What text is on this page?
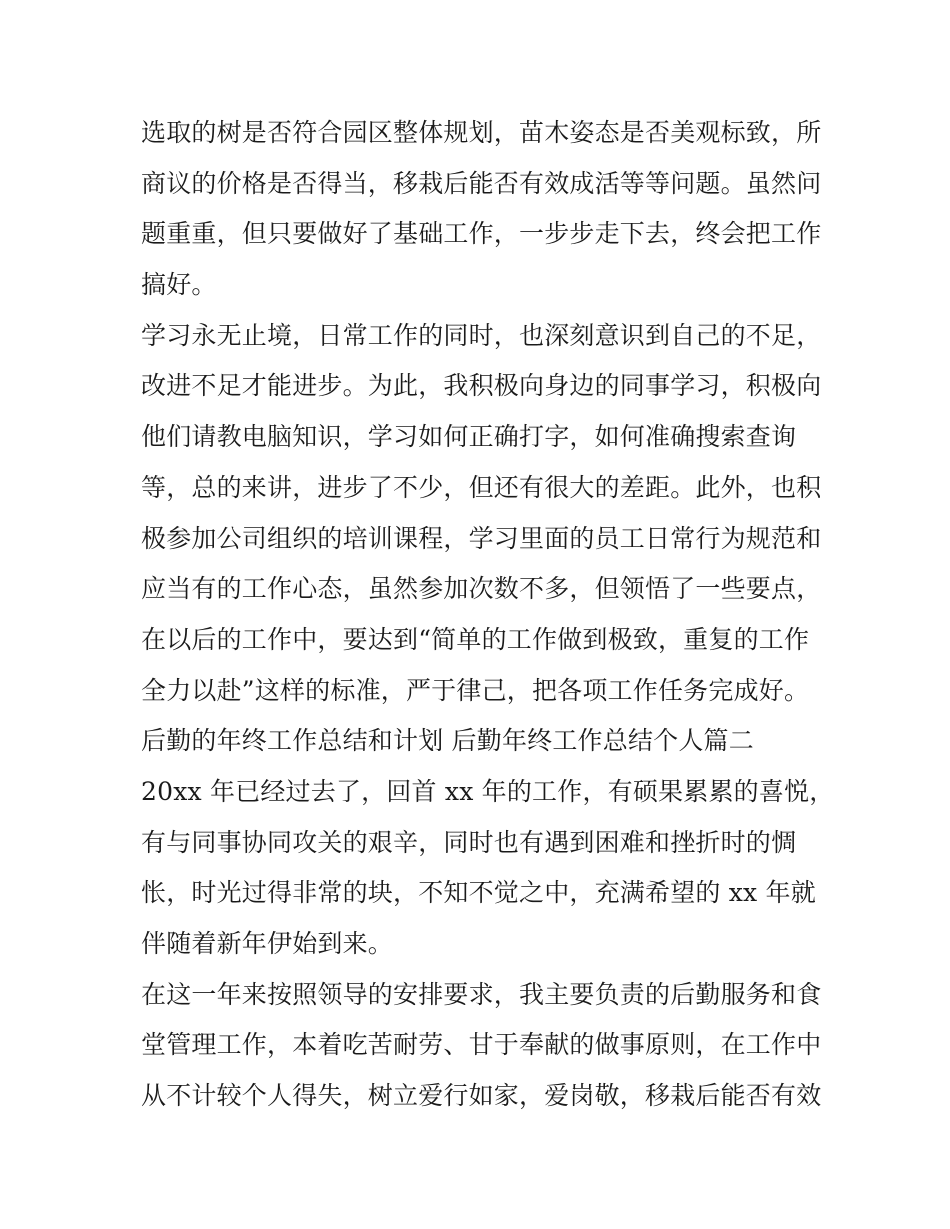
选取的树是否符合园区整体规划，苗木姿态是否美观标致，所
商议的价格是否得当，移栽后能否有效成活等等问题。虽然问
题重重，但只要做好了基础工作，一步步走下去，终会把工作
搞好。
学习永无止境，日常工作的同时，也深刻意识到自己的不足，
改进不足才能进步。为此，我积极向身边的同事学习，积极向
他们请教电脑知识，学习如何正确打字，如何准确搜索查询
等，总的来讲，进步了不少，但还有很大的差距。此外，也积
极参加公司组织的培训课程，学习里面的员工日常行为规范和
应当有的工作心态，虽然参加次数不多，但领悟了一些要点，
在以后的工作中，要达到“简单的工作做到极致，重复的工作
全力以赴”这样的标准，严于律己，把各项工作任务完成好。
后勤的年终工作总结和计划 后勤年终工作总结个人篇二
20xx 年已经过去了，回首 xx 年的工作，有硕果累累的喜悦，
有与同事协同攻关的艰辛，同时也有遇到困难和挫折时的惆
怅，时光过得非常的块，不知不觉之中，充满希望的 xx 年就
伴随着新年伊始到来。
在这一年来按照领导的安排要求，我主要负责的后勤服务和食
堂管理工作，本着吃苦耐劳、甘于奉献的做事原则，在工作中
从不计较个人得失，树立爱行如家，爱岗敬，移栽后能否有效
